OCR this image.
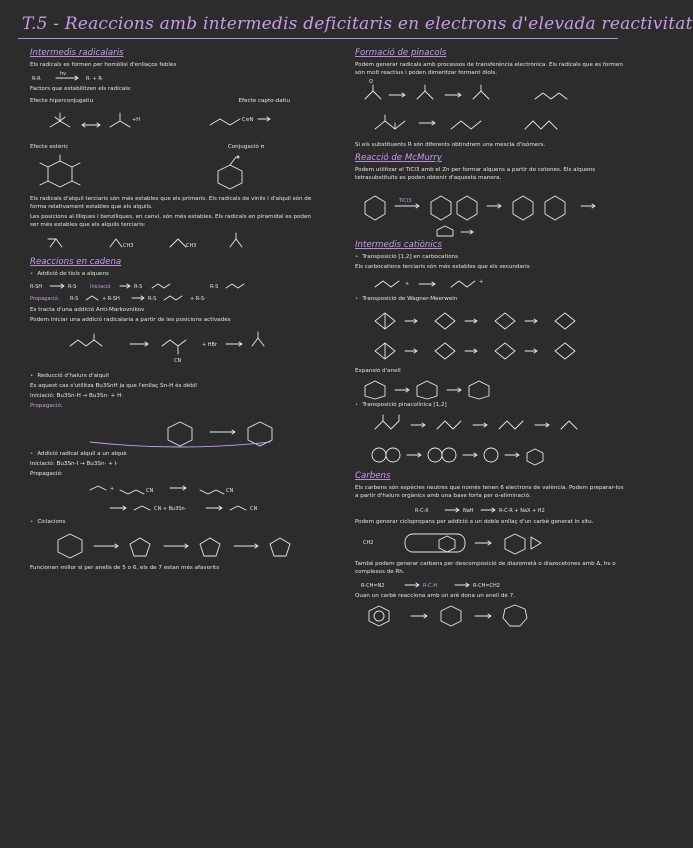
T.5 - Reaccions amb intermedis deficitaris en electrons d'elevada reactivitat
Intermedis radicalaris
Els radicals es formen per homòlisi d'enllaços febles
R-R
hν
R· + R·
Factors que estabilitzen els radicals:
Efecte hiperconjugatiu	Efecte capto-datiu
+H	C≡N
Efecte estèric	Conjugació π
Els radicals d'alquil terciaris són més estables que els primaris. Els radicals de vinils i d'alquil són de forma relativament estables que els alquils.
Les posicions al·líliques i benzíliques, en canvi, són més estables. Els radicals en piramidal es poden ser més estables que els alquils terciaris:
CH3	CH3
Reaccions en cadena
• Addició de tiols a alquens
R-SH	R-S· Iniciació	R-S	R-S
Propagació: R-S	+ R-SH	R-S	+ R-S·
Es tracta d'una addició Anti-Markovnikov
Podem iniciar una addició radicalaria a partir de les posicions activades
CN
+ HBr
• Reducció d'halurs d'alquil
Es aquest cas s'utilitza Bu3SnH ja que l'enllaç Sn-H és dèbil
Iniciació: Bu3Sn-H → Bu3Sn· + H·
Propagació:
• Addició radical alquil a un alquè
Iniciació: Bu3Sn-I → Bu3Sn· + I·
Propagació:
+	CN	CN
CN + Bu3Sn·	CN
• Ciclacions
Funcionen millor si per anells de 5 o 6, els de 7 estan més afavorits
Formació de pinacols
Podem generar radicals amb processos de transferència electrònica. Els radicals que es formen són molt reactius i poden dimeritzar formant diols.
O
Si els substituents R són diferents obtindrem una mescla d'isòmers.
Reacció de McMurry
Podem utilitzar el TiCl3 amb el Zn per formar alquens a partir de cetones. Els alquens tetrasubstituïts es poden obtenir d'aquesta manera.
TiCl3
Intermedis catiònics
• Transposició [1,2] en carbocations
Els carbocations terciaris són més estables que els secundaris
+	+
• Transposició de Wagner-Meerwein
Expansió d'anell
• Transposició pinacolínica [1,2]
Carbens
Els carbens són espècies neutres que només tenen 6 electrons de valència. Podem preparar-los a partir d'halurs orgànics amb una base forta per α-eliminació.
R-Ċ-X	NaH	R-Ċ-R + NaX + H2
Podem generar ciclopropans per addició a un doble enllaç d'un carbè generat in situ.
CH2
També podem generar carbens per descomposició de diazometà o diazocetones amb Δ, hν o complexos de Rh.
R-CH=N2	R-Ċ-H	R-CH=CH2
Quan un carbè reacciona amb un arè dona un anell de 7.
